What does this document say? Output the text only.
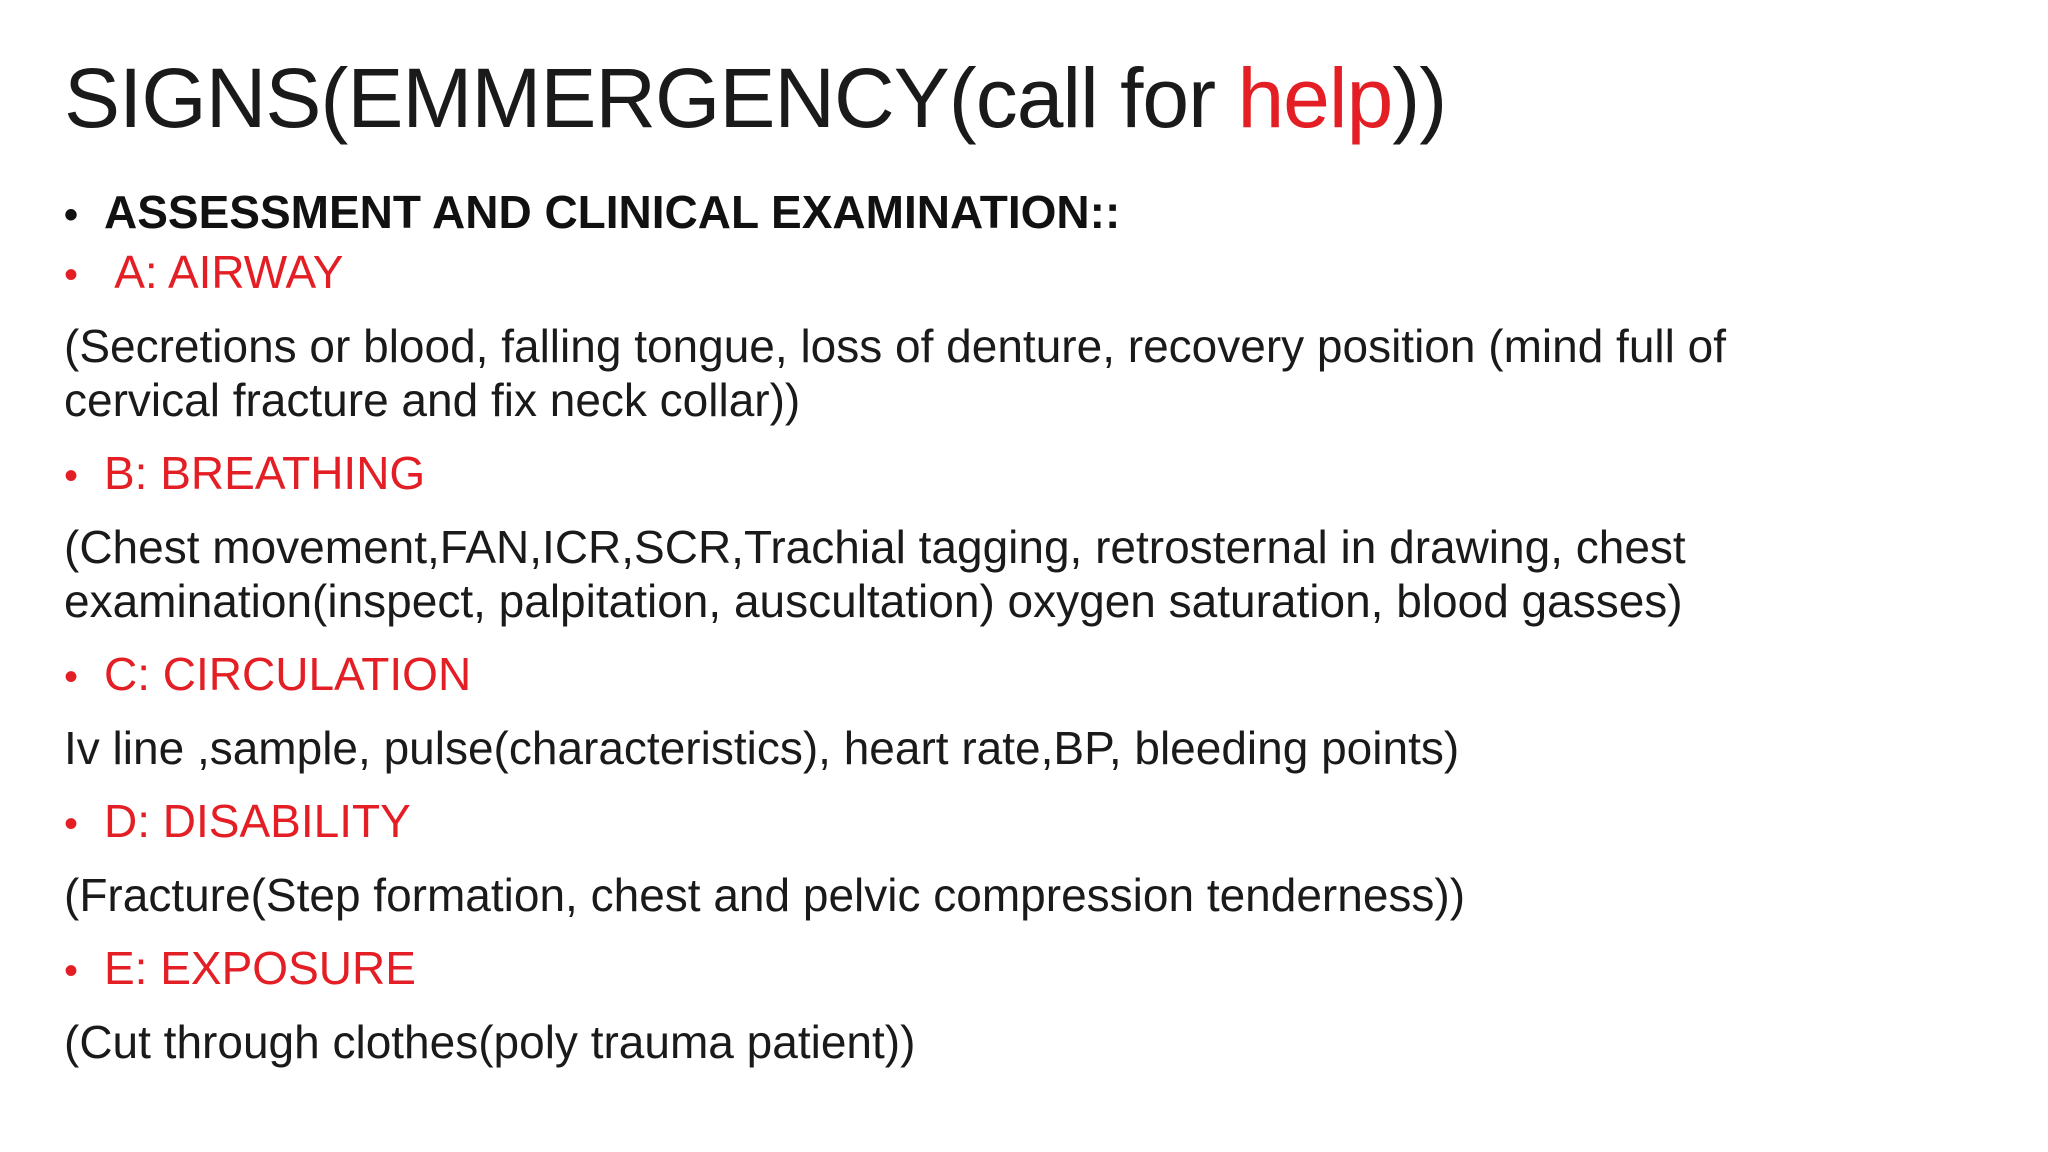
SIGNS(EMMERGENCY(call for help))
• ASSESSMENT AND CLINICAL EXAMINATION::
• A: AIRWAY

(Secretions or blood, falling tongue, loss of denture, recovery position (mind full of

cervical fracture and fix neck collar))

• B: BREATHING

(Chest movement,FAN,ICR,SCR,Trachial tagging, retrosternal in drawing, chest

examination(inspect, palpitation, auscultation) oxygen saturation, blood gasses)

• C: CIRCULATION

Iv line ,sample, pulse(characteristics), heart rate,BP, bleeding points)

• D: DISABILITY

(Fracture(Step formation, chest and pelvic compression tenderness))

• E: EXPOSURE

(Cut through clothes(poly trauma patient))
